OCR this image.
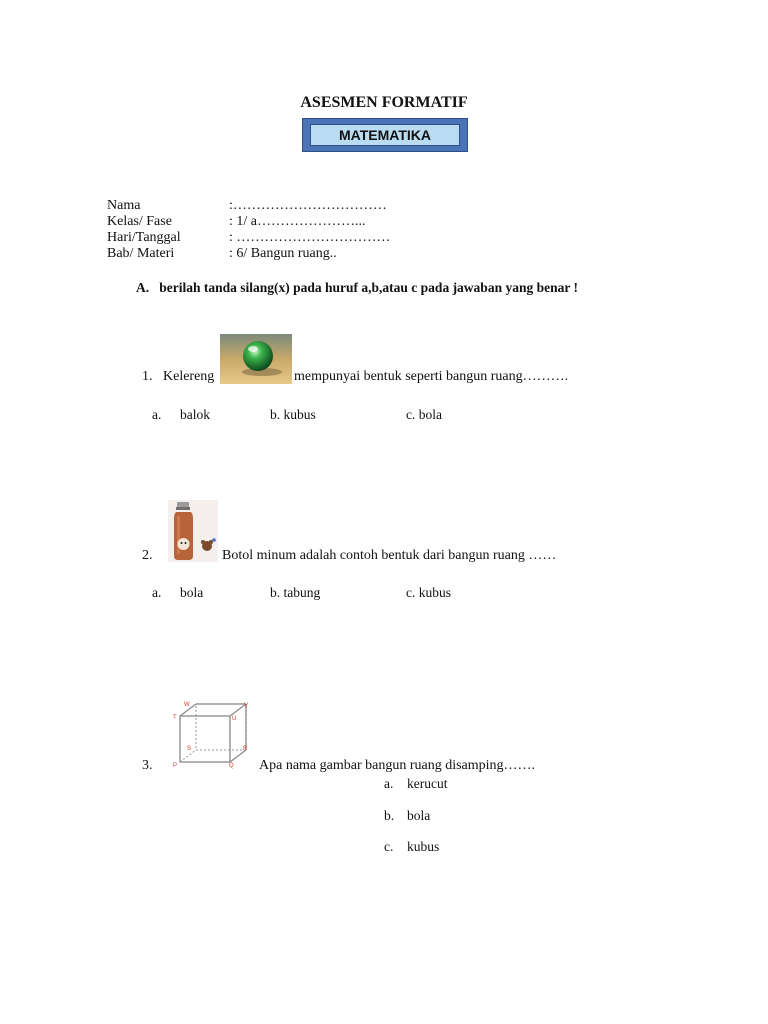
ASESMEN FORMATIF
MATEMATIKA
Nama	:……………………………
Kelas/ Fase	: 1/ a…………………...
Hari/Tanggal	: ……………………………
Bab/ Materi	: 6/ Bangun ruang..
A. berilah tanda silang(x) pada huruf a,b,atau c pada jawaban yang benar !
1. Kelereng	mempunyai bentuk seperti bangun ruang……….
a. balok	b. kubus	c. bola
2.	Botol minum adalah contoh bentuk dari bangun ruang ……
a. bola	b. tabung	c. kubus
3.
W	V
T	U
S	R
P	Q Apa nama gambar bangun ruang disamping…….
a. kerucut
b. bola
c. kubus
